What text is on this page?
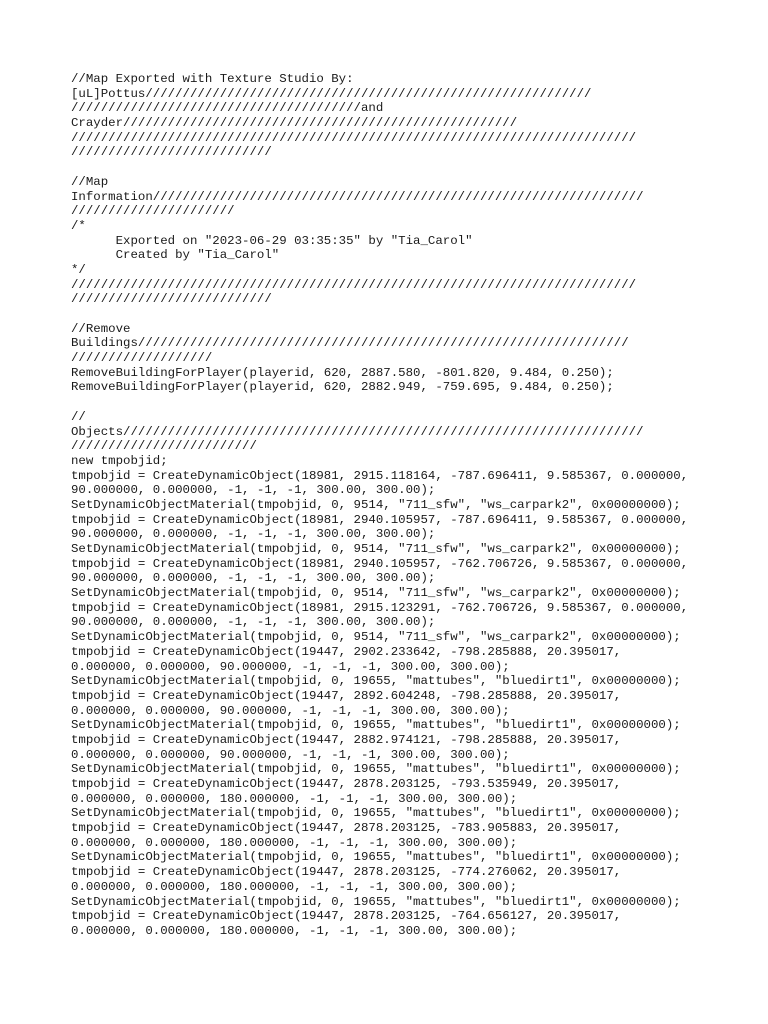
//Map Exported with Texture Studio By:
[uL]Pottus////////////////////////////////////////////////////////////
///////////////////////////////////////and
Crayder/////////////////////////////////////////////////////
////////////////////////////////////////////////////////////////////////////
///////////////////////////
//Map
Information//////////////////////////////////////////////////////////////////
//////////////////////
/*
Exported on "2023-06-29 03:35:35" by "Tia_Carol"
Created by "Tia_Carol"
*/
////////////////////////////////////////////////////////////////////////////
///////////////////////////
//Remove
Buildings//////////////////////////////////////////////////////////////////
///////////////////
RemoveBuildingForPlayer(playerid, 620, 2887.580, -801.820, 9.484, 0.250);
RemoveBuildingForPlayer(playerid, 620, 2882.949, -759.695, 9.484, 0.250);
//
Objects//////////////////////////////////////////////////////////////////////
/////////////////////////
new tmpobjid;
tmpobjid = CreateDynamicObject(18981, 2915.118164, -787.696411, 9.585367, 0.000000,
90.000000, 0.000000, -1, -1, -1, 300.00, 300.00);
SetDynamicObjectMaterial(tmpobjid, 0, 9514, "711_sfw", "ws_carpark2", 0x00000000);
tmpobjid = CreateDynamicObject(18981, 2940.105957, -787.696411, 9.585367, 0.000000,
90.000000, 0.000000, -1, -1, -1, 300.00, 300.00);
SetDynamicObjectMaterial(tmpobjid, 0, 9514, "711_sfw", "ws_carpark2", 0x00000000);
tmpobjid = CreateDynamicObject(18981, 2940.105957, -762.706726, 9.585367, 0.000000,
90.000000, 0.000000, -1, -1, -1, 300.00, 300.00);
SetDynamicObjectMaterial(tmpobjid, 0, 9514, "711_sfw", "ws_carpark2", 0x00000000);
tmpobjid = CreateDynamicObject(18981, 2915.123291, -762.706726, 9.585367, 0.000000,
90.000000, 0.000000, -1, -1, -1, 300.00, 300.00);
SetDynamicObjectMaterial(tmpobjid, 0, 9514, "711_sfw", "ws_carpark2", 0x00000000);
tmpobjid = CreateDynamicObject(19447, 2902.233642, -798.285888, 20.395017,
0.000000, 0.000000, 90.000000, -1, -1, -1, 300.00, 300.00);
SetDynamicObjectMaterial(tmpobjid, 0, 19655, "mattubes", "bluedirt1", 0x00000000);
tmpobjid = CreateDynamicObject(19447, 2892.604248, -798.285888, 20.395017,
0.000000, 0.000000, 90.000000, -1, -1, -1, 300.00, 300.00);
SetDynamicObjectMaterial(tmpobjid, 0, 19655, "mattubes", "bluedirt1", 0x00000000);
tmpobjid = CreateDynamicObject(19447, 2882.974121, -798.285888, 20.395017,
0.000000, 0.000000, 90.000000, -1, -1, -1, 300.00, 300.00);
SetDynamicObjectMaterial(tmpobjid, 0, 19655, "mattubes", "bluedirt1", 0x00000000);
tmpobjid = CreateDynamicObject(19447, 2878.203125, -793.535949, 20.395017,
0.000000, 0.000000, 180.000000, -1, -1, -1, 300.00, 300.00);
SetDynamicObjectMaterial(tmpobjid, 0, 19655, "mattubes", "bluedirt1", 0x00000000);
tmpobjid = CreateDynamicObject(19447, 2878.203125, -783.905883, 20.395017,
0.000000, 0.000000, 180.000000, -1, -1, -1, 300.00, 300.00);
SetDynamicObjectMaterial(tmpobjid, 0, 19655, "mattubes", "bluedirt1", 0x00000000);
tmpobjid = CreateDynamicObject(19447, 2878.203125, -774.276062, 20.395017,
0.000000, 0.000000, 180.000000, -1, -1, -1, 300.00, 300.00);
SetDynamicObjectMaterial(tmpobjid, 0, 19655, "mattubes", "bluedirt1", 0x00000000);
tmpobjid = CreateDynamicObject(19447, 2878.203125, -764.656127, 20.395017,
0.000000, 0.000000, 180.000000, -1, -1, -1, 300.00, 300.00);
